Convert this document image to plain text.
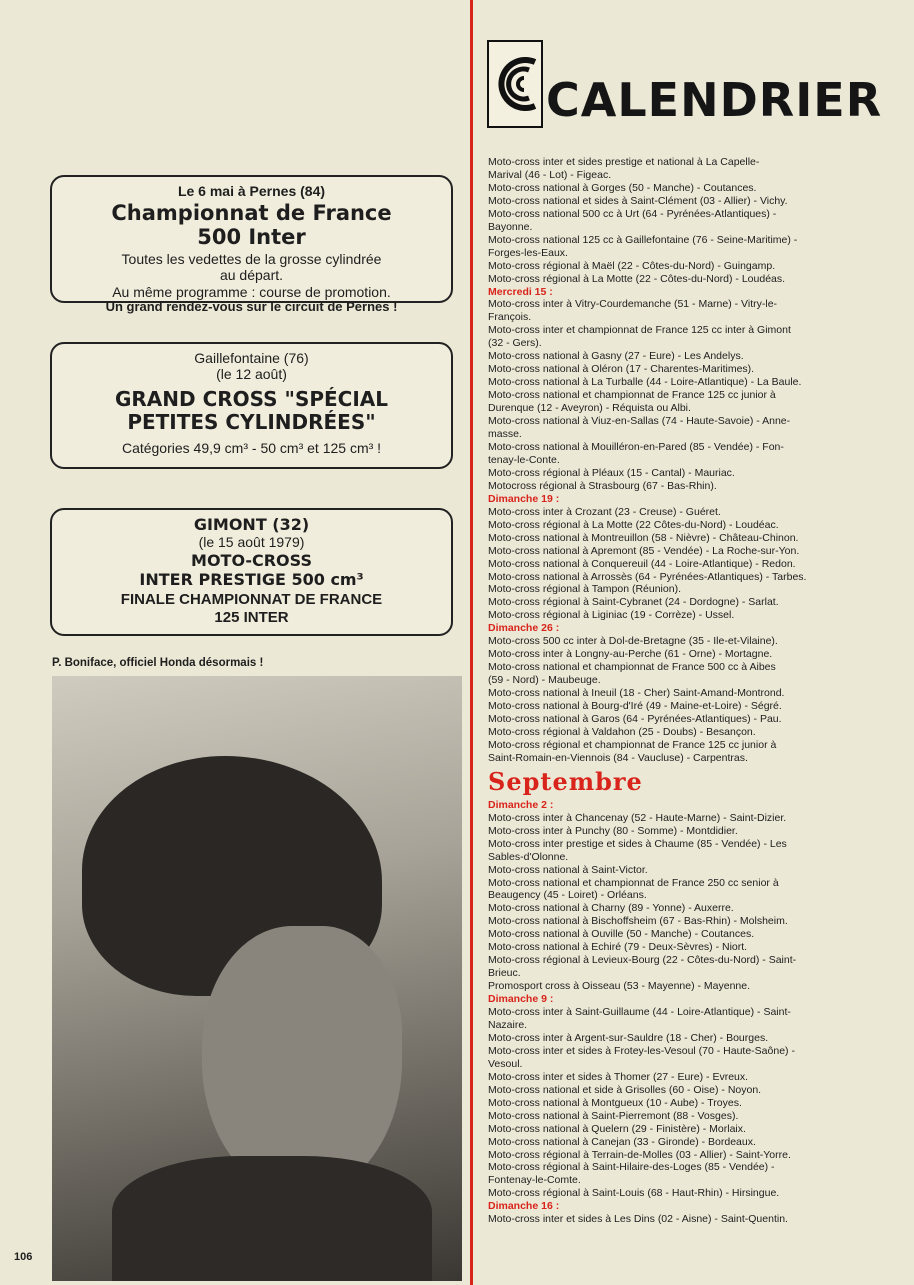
Le 6 mai à Pernes (84)
Championnat de France
500 Inter
Toutes les vedettes de la grosse cylindrée
au départ.
Au même programme : course de promotion.
Un grand rendez-vous sur le circuit de Pernes !
Gaillefontaine (76)
(le 12 août)
GRAND CROSS "SPÉCIAL
PETITES CYLINDRÉES"
Catégories 49,9 cm³ - 50 cm³ et 125 cm³ !
GIMONT (32)
(le 15 août 1979)
MOTO-CROSS
INTER PRESTIGE 500 cm³
FINALE CHAMPIONNAT DE FRANCE
125 INTER
P. Boniface, officiel Honda désormais !
106
CALENDRIER
Moto-cross inter et sides prestige et national à La Capelle-
Marival (46 - Lot) - Figeac.
Moto-cross national à Gorges (50 - Manche) - Coutances.
Moto-cross national et sides à Saint-Clément (03 - Allier) - Vichy.
Moto-cross national 500 cc à Urt (64 - Pyrénées-Atlantiques) -
Bayonne.
Moto-cross national 125 cc à Gaillefontaine (76 - Seine-Maritime) -
Forges-les-Eaux.
Moto-cross régional à Maël (22 - Côtes-du-Nord) - Guingamp.
Moto-cross régional à La Motte (22 - Côtes-du-Nord) - Loudéas.
Mercredi 15 :
Moto-cross inter à Vitry-Courdemanche (51 - Marne) - Vitry-le-
François.
Moto-cross inter et championnat de France 125 cc inter à Gimont
(32 - Gers).
Moto-cross national à Gasny (27 - Eure) - Les Andelys.
Moto-cross national à Oléron (17 - Charentes-Maritimes).
Moto-cross national à La Turballe (44 - Loire-Atlantique) - La Baule.
Moto-cross national et championnat de France 125 cc junior à
Durenque (12 - Aveyron) - Réquista ou Albi.
Moto-cross national à Viuz-en-Sallas (74 - Haute-Savoie) - Anne-
masse.
Moto-cross national à Mouilléron-en-Pared (85 - Vendée) - Fon-
tenay-le-Conte.
Moto-cross régional à Pléaux (15 - Cantal) - Mauriac.
Motocross régional à Strasbourg (67 - Bas-Rhin).
Dimanche 19 :
Moto-cross inter à Crozant (23 - Creuse) - Guéret.
Moto-cross régional à La Motte (22 Côtes-du-Nord) - Loudéac.
Moto-cross national à Montreuillon (58 - Nièvre) - Château-Chinon.
Moto-cross national à Apremont (85 - Vendée) - La Roche-sur-Yon.
Moto-cross national à Conquereuil (44 - Loire-Atlantique) - Redon.
Moto-cross national à Arrossès (64 - Pyrénées-Atlantiques) - Tarbes.
Moto-cross régional à Tampon (Réunion).
Moto-cross régional à Saint-Cybranet (24 - Dordogne) - Sarlat.
Moto-cross régional à Liginiac (19 - Corrèze) - Ussel.
Dimanche 26 :
Moto-cross 500 cc inter à Dol-de-Bretagne (35 - Ile-et-Vilaine).
Moto-cross inter à Longny-au-Perche (61 - Orne) - Mortagne.
Moto-cross national et championnat de France 500 cc à Aibes
(59 - Nord) - Maubeuge.
Moto-cross national à Ineuil (18 - Cher) Saint-Amand-Montrond.
Moto-cross national à Bourg-d'Iré (49 - Maine-et-Loire) - Ségré.
Moto-cross national à Garos (64 - Pyrénées-Atlantiques) - Pau.
Moto-cross régional à Valdahon (25 - Doubs) - Besançon.
Moto-cross régional et championnat de France 125 cc junior à
Saint-Romain-en-Viennois (84 - Vaucluse) - Carpentras.
Septembre
Dimanche 2 :
Moto-cross inter à Chancenay (52 - Haute-Marne) - Saint-Dizier.
Moto-cross inter à Punchy (80 - Somme) - Montdidier.
Moto-cross inter prestige et sides à Chaume (85 - Vendée) - Les
Sables-d'Olonne.
Moto-cross national à Saint-Victor.
Moto-cross national et championnat de France 250 cc senior à
Beaugency (45 - Loiret) - Orléans.
Moto-cross national à Charny (89 - Yonne) - Auxerre.
Moto-cross national à Bischoffsheim (67 - Bas-Rhin) - Molsheim.
Moto-cross national à Ouville (50 - Manche) - Coutances.
Moto-cross national à Echiré (79 - Deux-Sèvres) - Niort.
Moto-cross régional à Levieux-Bourg (22 - Côtes-du-Nord) - Saint-
Brieuc.
Promosport cross à Oisseau (53 - Mayenne) - Mayenne.
Dimanche 9 :
Moto-cross inter à Saint-Guillaume (44 - Loire-Atlantique) - Saint-
Nazaire.
Moto-cross inter à Argent-sur-Sauldre (18 - Cher) - Bourges.
Moto-cross inter et sides à Frotey-les-Vesoul (70 - Haute-Saône) -
Vesoul.
Moto-cross inter et sides à Thomer (27 - Eure) - Evreux.
Moto-cross national et side à Grisolles (60 - Oise) - Noyon.
Moto-cross national à Montgueux (10 - Aube) - Troyes.
Moto-cross national à Saint-Pierremont (88 - Vosges).
Moto-cross national à Quelern (29 - Finistère) - Morlaix.
Moto-cross national à Canejan (33 - Gironde) - Bordeaux.
Moto-cross régional à Terrain-de-Molles (03 - Allier) - Saint-Yorre.
Moto-cross régional à Saint-Hilaire-des-Loges (85 - Vendée) -
Fontenay-le-Comte.
Moto-cross régional à Saint-Louis (68 - Haut-Rhin) - Hirsingue.
Dimanche 16 :
Moto-cross inter et sides à Les Dins (02 - Aisne) - Saint-Quentin.
